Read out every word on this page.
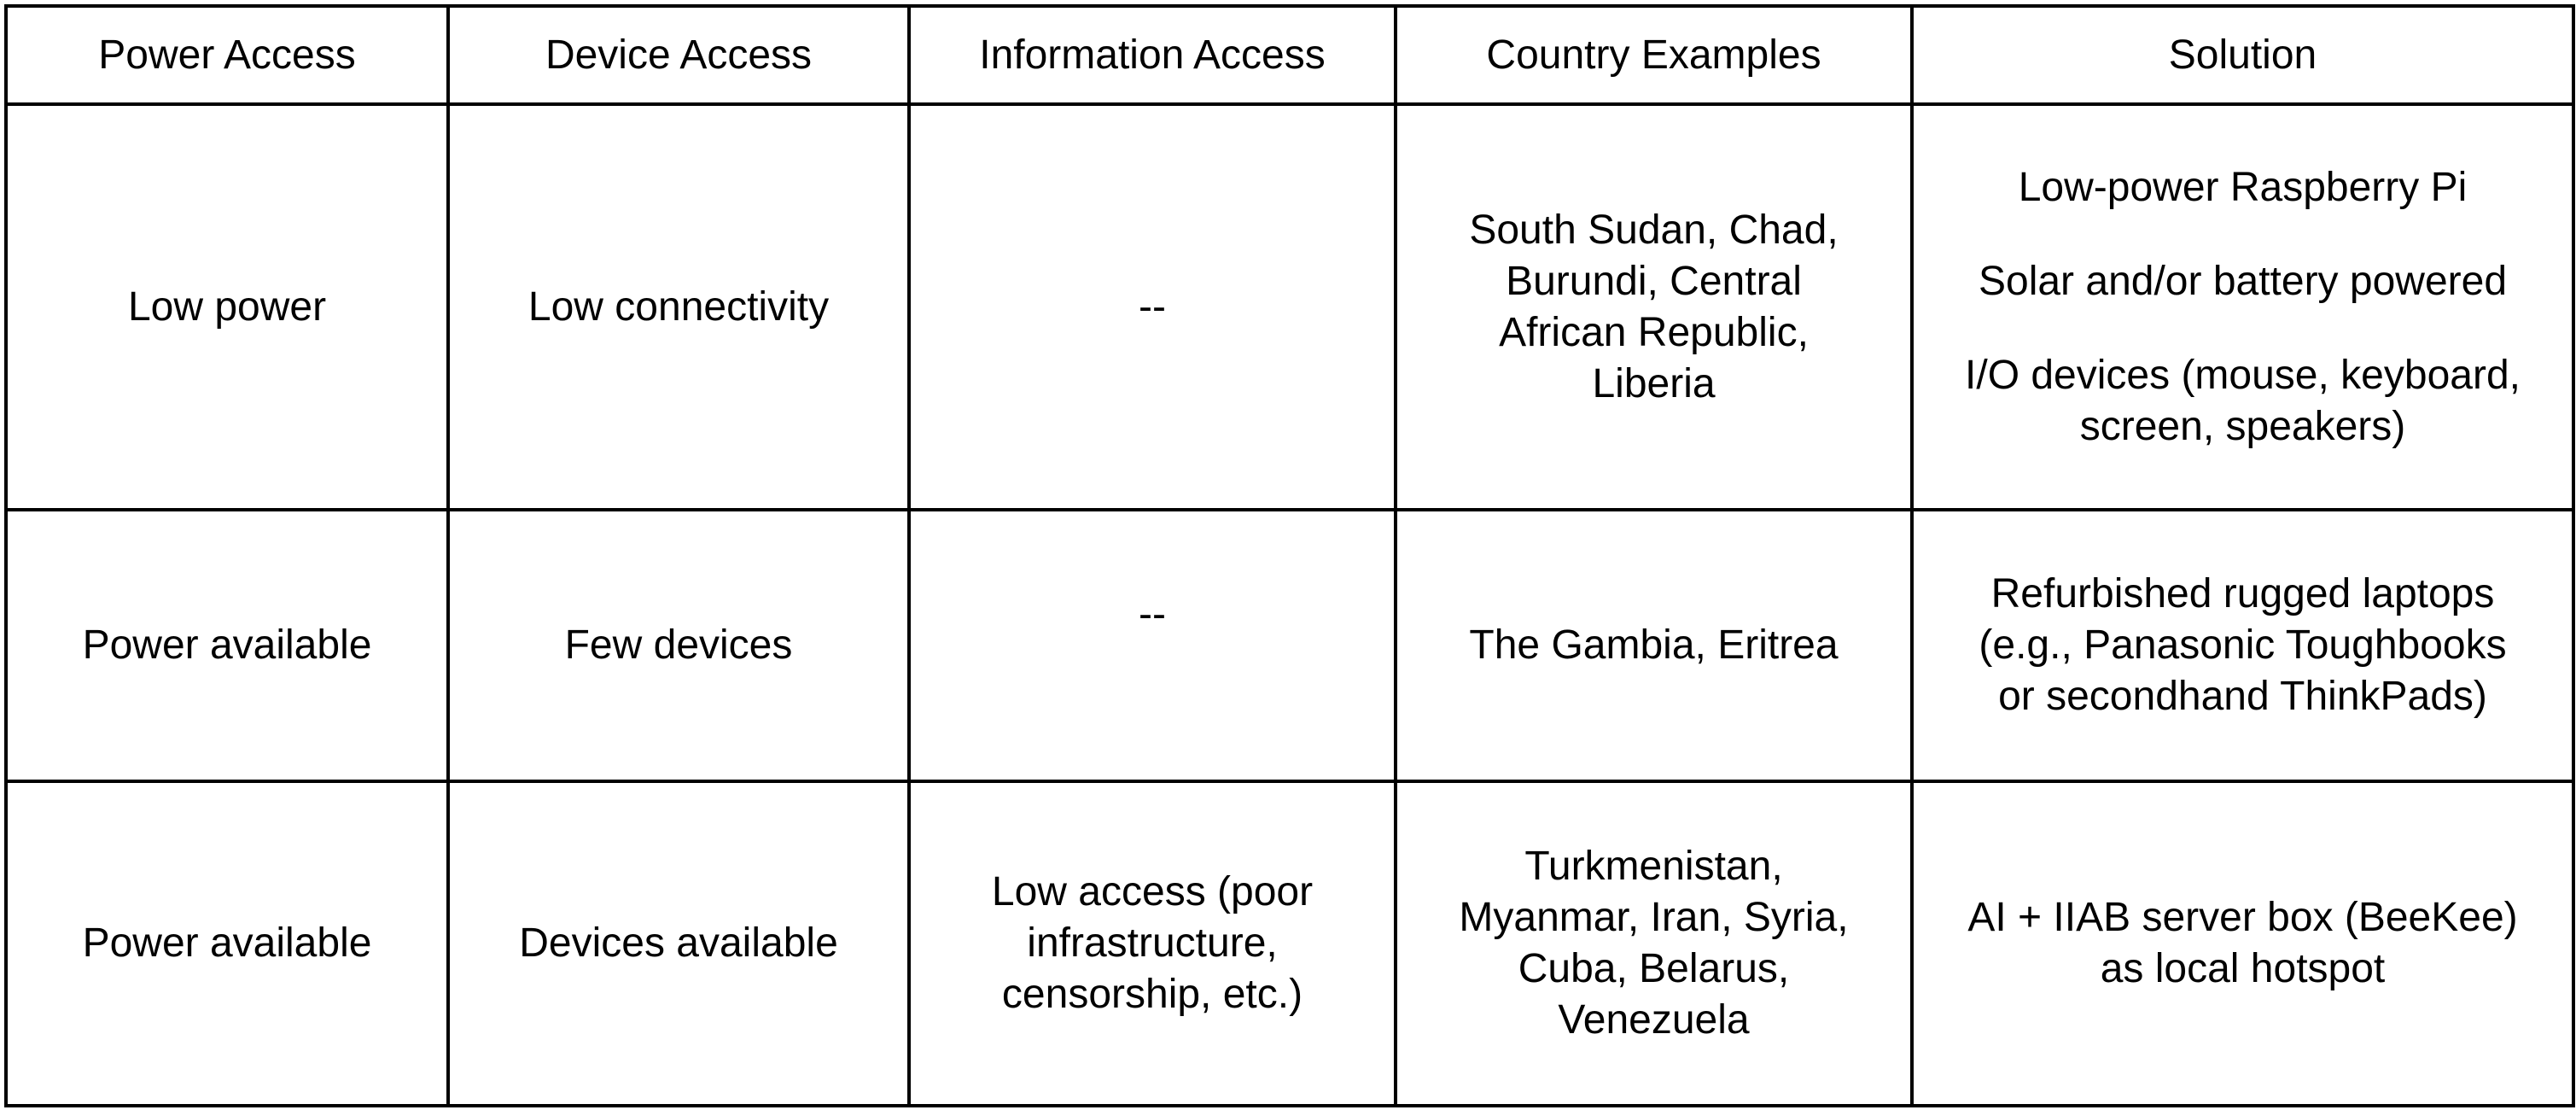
Power Access	Device Access	Information Access	Country Examples	Solution
Low power	Low connectivity	--	South Sudan, Chad,
Burundi, Central
African Republic,
Liberia	Low-power Raspberry Pi
Solar and/or battery powered
I/O devices (mouse, keyboard,
screen, speakers)

Power available	Few devices	--	The Gambia, Eritrea	Refurbished rugged laptops
(e.g., Panasonic Toughbooks
or secondhand ThinkPads)

Power available	Devices available	Low access (poor
infrastructure,
censorship, etc.)	Turkmenistan,
Myanmar, Iran, Syria,
Cuba, Belarus,
Venezuela	AI + IIAB server box (BeeKee)
as local hotspot
